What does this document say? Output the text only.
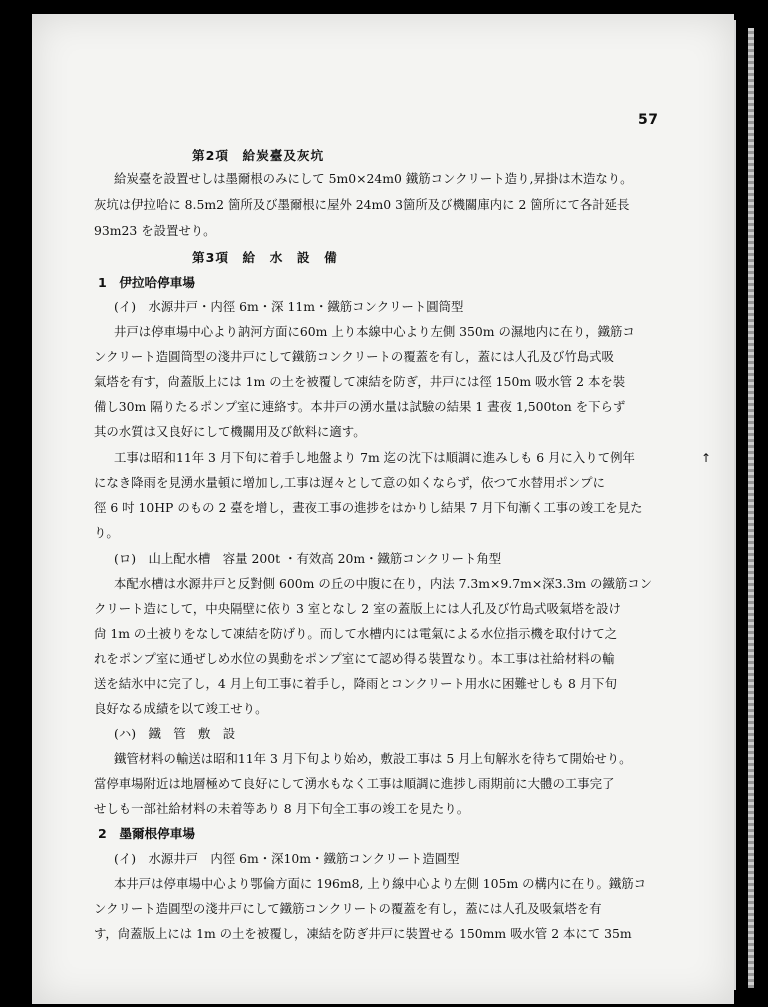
57
第2項　給炭臺及灰坑
給炭臺を設置せしは墨爾根のみにして 5m0×24m0 鐵筋コンクリート造り,昇掛は木造なり。
灰坑は伊拉哈に 8.5m2 箇所及び墨爾根に屋外 24m0 3箇所及び機關庫内に 2 箇所にて各計延長
93m23 を設置せり。
第3項　給　水　設　備
1　伊拉哈停車場
(イ)　水源井戸・内徑 6m・深 11m・鐵筋コンクリート圓筒型
井戸は停車場中心より訥河方面に60m 上り本線中心より左側 350m の濕地内に在り，鐵筋コ
ンクリート造圓筒型の淺井戸にして鐵筋コンクリートの覆蓋を有し，蓋には人孔及び竹島式吸
氣塔を有す，尙蓋版上には 1m の土を被覆して凍結を防ぎ，井戸には徑 150m 吸水管 2 本を裝
備し30m 隔りたるポンプ室に連絡す。本井戸の湧水量は試驗の結果 1 晝夜 1,500ton を下らず
其の水質は又良好にして機關用及び飮料に適す。
工事は昭和11年 3 月下旬に着手し地盤より 7m 迄の沈下は順調に進みしも 6 月に入りて例年
になき降雨を見湧水量頓に增加し,工事は遅々として意の如くならず，依つて水替用ポンプに
徑 6 吋 10HP のもの 2 臺を增し，晝夜工事の進捗をはかりし結果 7 月下旬漸く工事の竣工を見た
り。
(ロ)　山上配水槽　容量 200t ・有效高 20m・鐵筋コンクリート角型
本配水槽は水源井戸と反對側 600m の丘の中腹に在り，内法 7.3m×9.7m×深3.3m の鐵筋コン
クリート造にして，中央隔壁に依り 3 室となし 2 室の蓋版上には人孔及び竹島式吸氣塔を設け
尙 1m の土被りをなして凍結を防げり。而して水槽内には電氣による水位指示機を取付けて之
れをポンプ室に通ぜしめ水位の異動をポンプ室にて認め得る裝置なり。本工事は社給材料の輸
送を結氷中に完了し，4 月上旬工事に着手し，降雨とコンクリート用水に困難せしも 8 月下旬
良好なる成績を以て竣工せり。
(ハ)　鐵　管　敷　設
鐵管材料の輸送は昭和11年 3 月下旬より始め，敷設工事は 5 月上旬解氷を待ちて開始せり。
當停車場附近は地層極めて良好にして湧水もなく工事は順調に進捗し雨期前に大體の工事完了
せしも一部社給材料の未着等あり 8 月下旬全工事の竣工を見たり。
2　墨爾根停車場
(イ)　水源井戸　内徑 6m・深10m・鐵筋コンクリート造圓型
本井戸は停車場中心より鄂倫方面に 196m8, 上り線中心より左側 105m の構内に在り。鐵筋コ
ンクリート造圓型の淺井戸にして鐵筋コンクリートの覆蓋を有し，蓋には人孔及吸氣塔を有
す，尙蓋版上には 1m の土を被覆し，凍結を防ぎ井戸に裝置せる 150mm 吸水管 2 本にて 35m
↑
